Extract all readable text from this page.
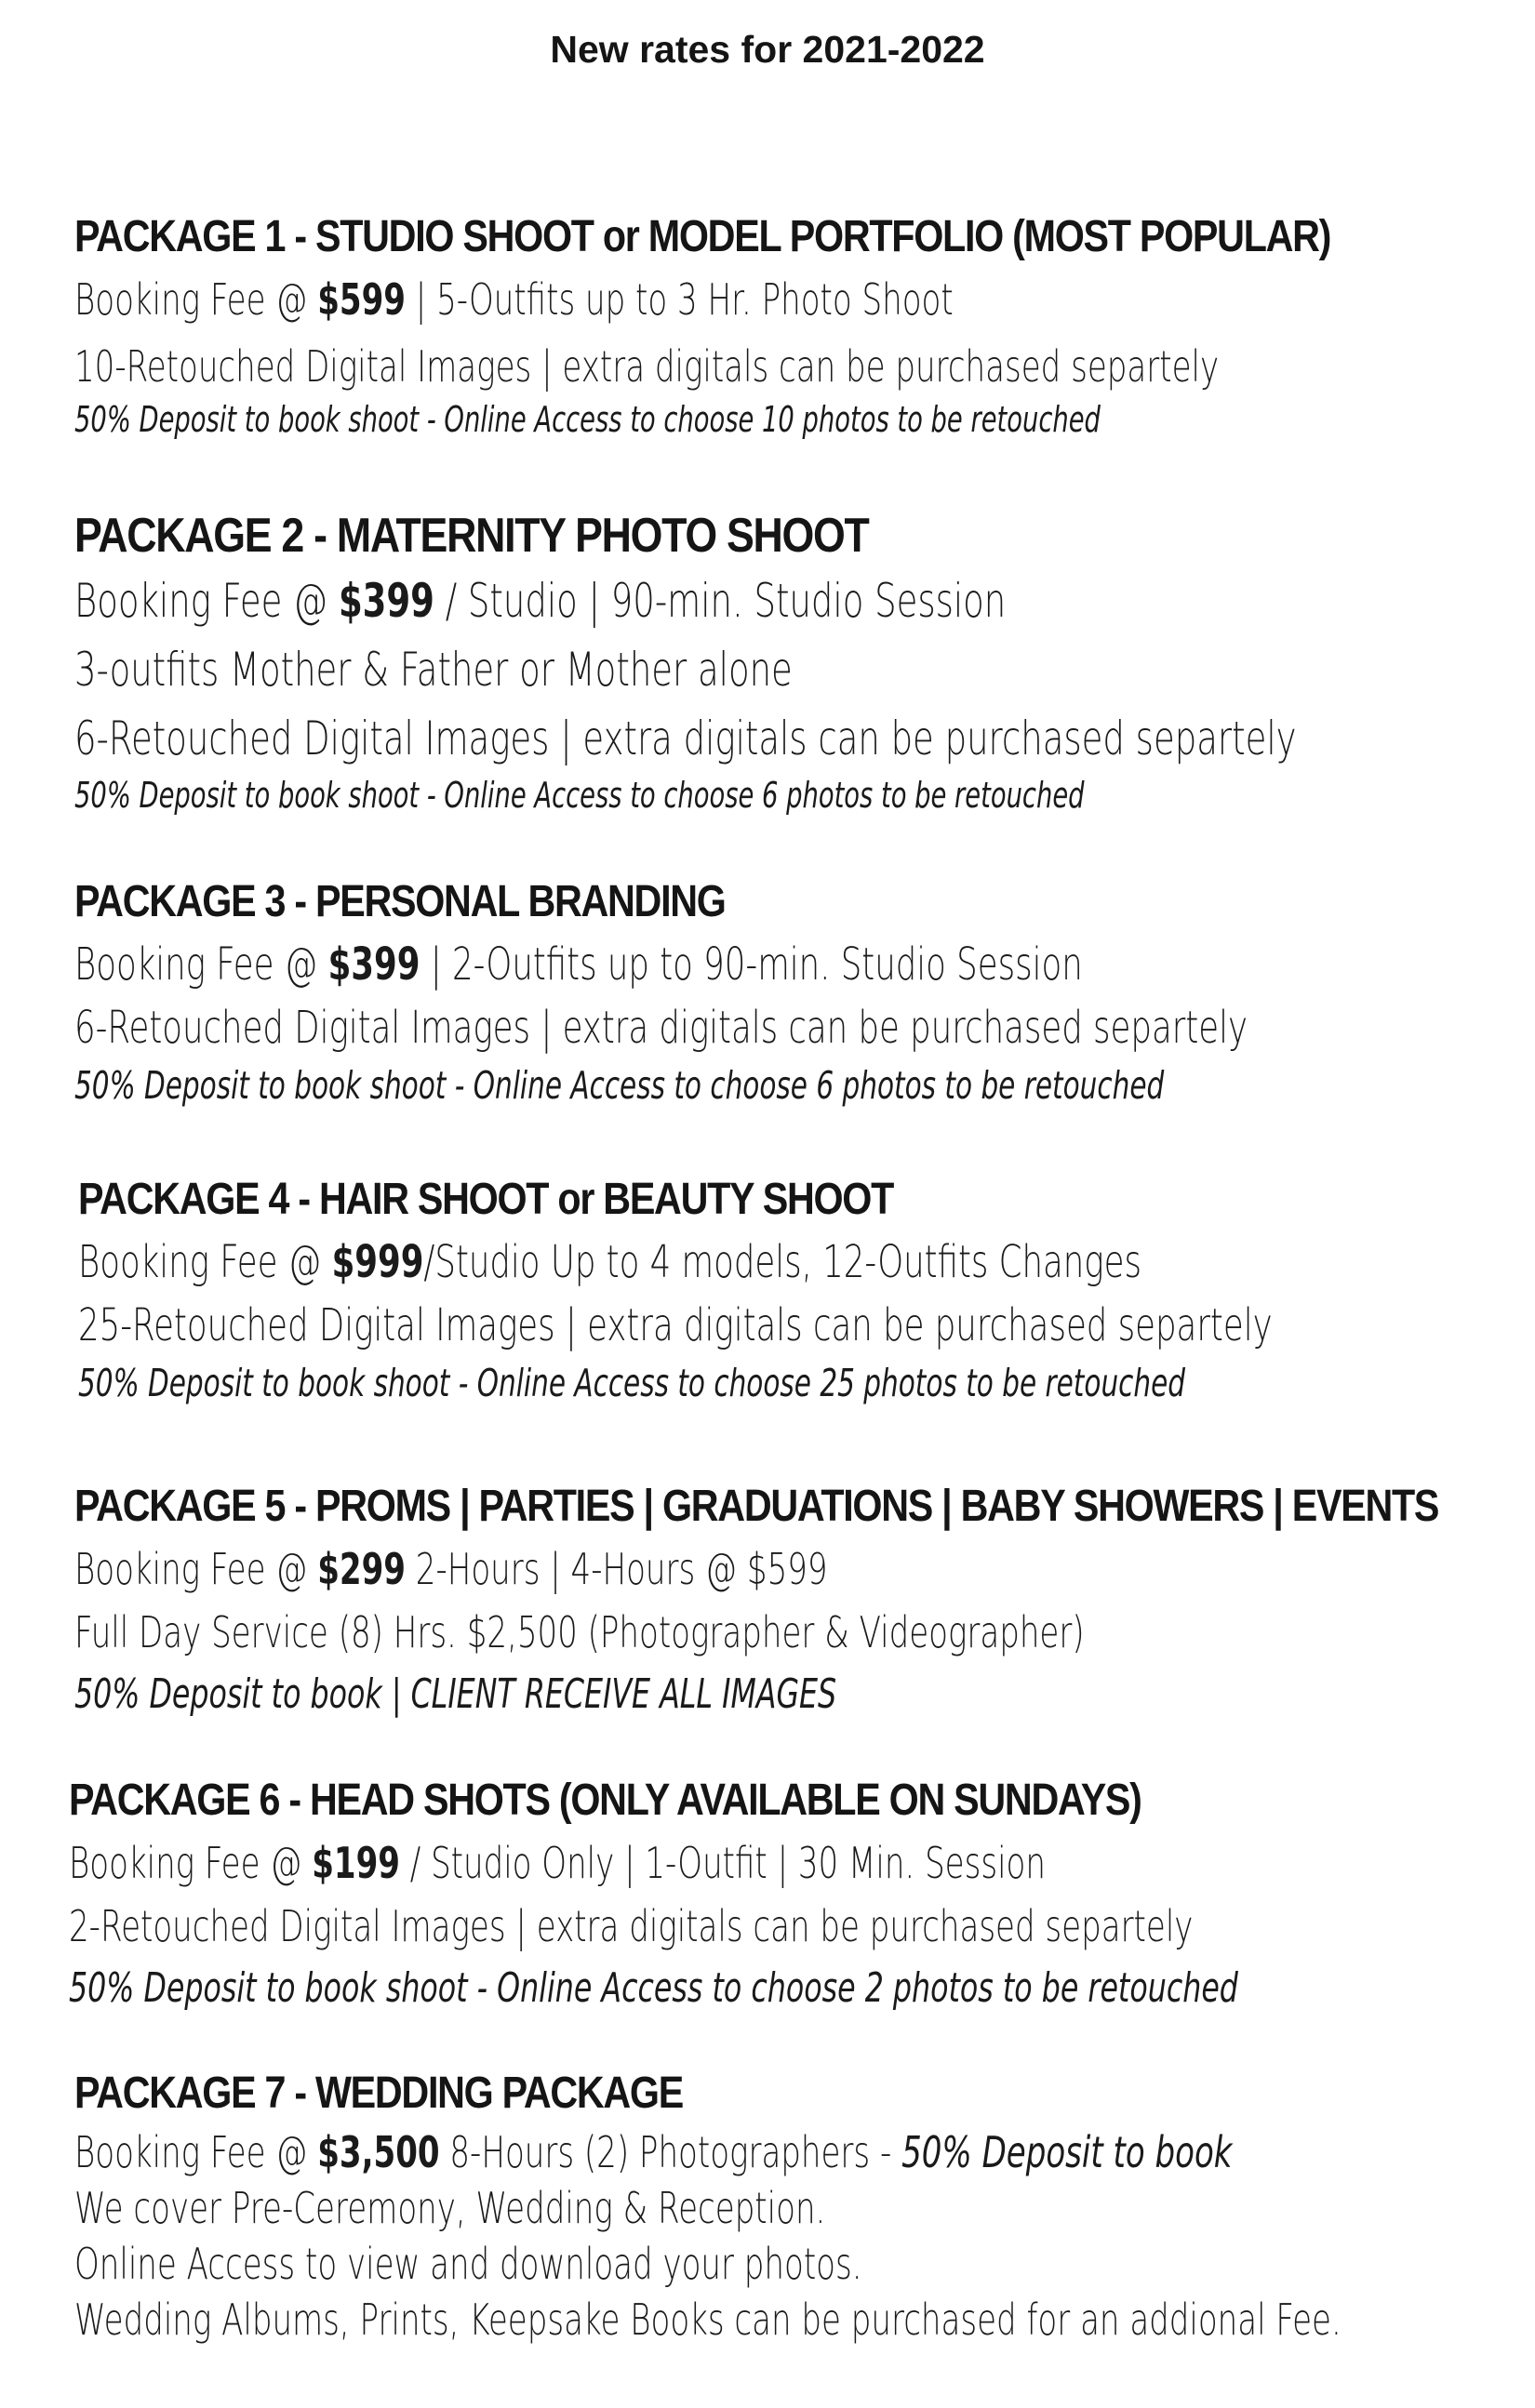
New rates for 2021-2022
PACKAGE 1 - STUDIO SHOOT or MODEL PORTFOLIO (MOST POPULAR)
Booking Fee @ $599 | 5-Outfits up to 3 Hr. Photo Shoot
10-Retouched Digital Images | extra digitals can be purchased separtely
50% Deposit to book shoot - Online Access to choose 10 photos to be retouched
PACKAGE 2 - MATERNITY PHOTO SHOOT
Booking Fee @ $399 / Studio | 90-min. Studio Session
3-outfits Mother & Father or Mother alone
6-Retouched Digital Images | extra digitals can be purchased separtely
50% Deposit to book shoot - Online Access to choose 6 photos to be retouched
PACKAGE 3 - PERSONAL BRANDING
Booking Fee @ $399 | 2-Outfits up to 90-min. Studio Session
6-Retouched Digital Images | extra digitals can be purchased separtely
50% Deposit to book shoot - Online Access to choose 6 photos to be retouched
PACKAGE 4 - HAIR SHOOT or BEAUTY SHOOT
Booking Fee @ $999/Studio Up to 4 models, 12-Outfits Changes
25-Retouched Digital Images | extra digitals can be purchased separtely
50% Deposit to book shoot - Online Access to choose 25 photos to be retouched
PACKAGE 5 - PROMS | PARTIES | GRADUATIONS | BABY SHOWERS | EVENTS
Booking Fee @ $299 2-Hours | 4-Hours @ $599
Full Day Service (8) Hrs. $2,500 (Photographer & Videographer)
50% Deposit to book | CLIENT RECEIVE ALL IMAGES
PACKAGE 6 - HEAD SHOTS (ONLY AVAILABLE ON SUNDAYS)
Booking Fee @ $199 / Studio Only | 1-Outfit | 30 Min. Session
2-Retouched Digital Images | extra digitals can be purchased separtely
50% Deposit to book shoot - Online Access to choose 2 photos to be retouched
PACKAGE 7 - WEDDING PACKAGE
Booking Fee @ $3,500 8-Hours (2) Photographers - 50% Deposit to book
We cover Pre-Ceremony, Wedding & Reception.
Online Access to view and download your photos.
Wedding Albums, Prints, Keepsake Books can be purchased for an addional Fee.
